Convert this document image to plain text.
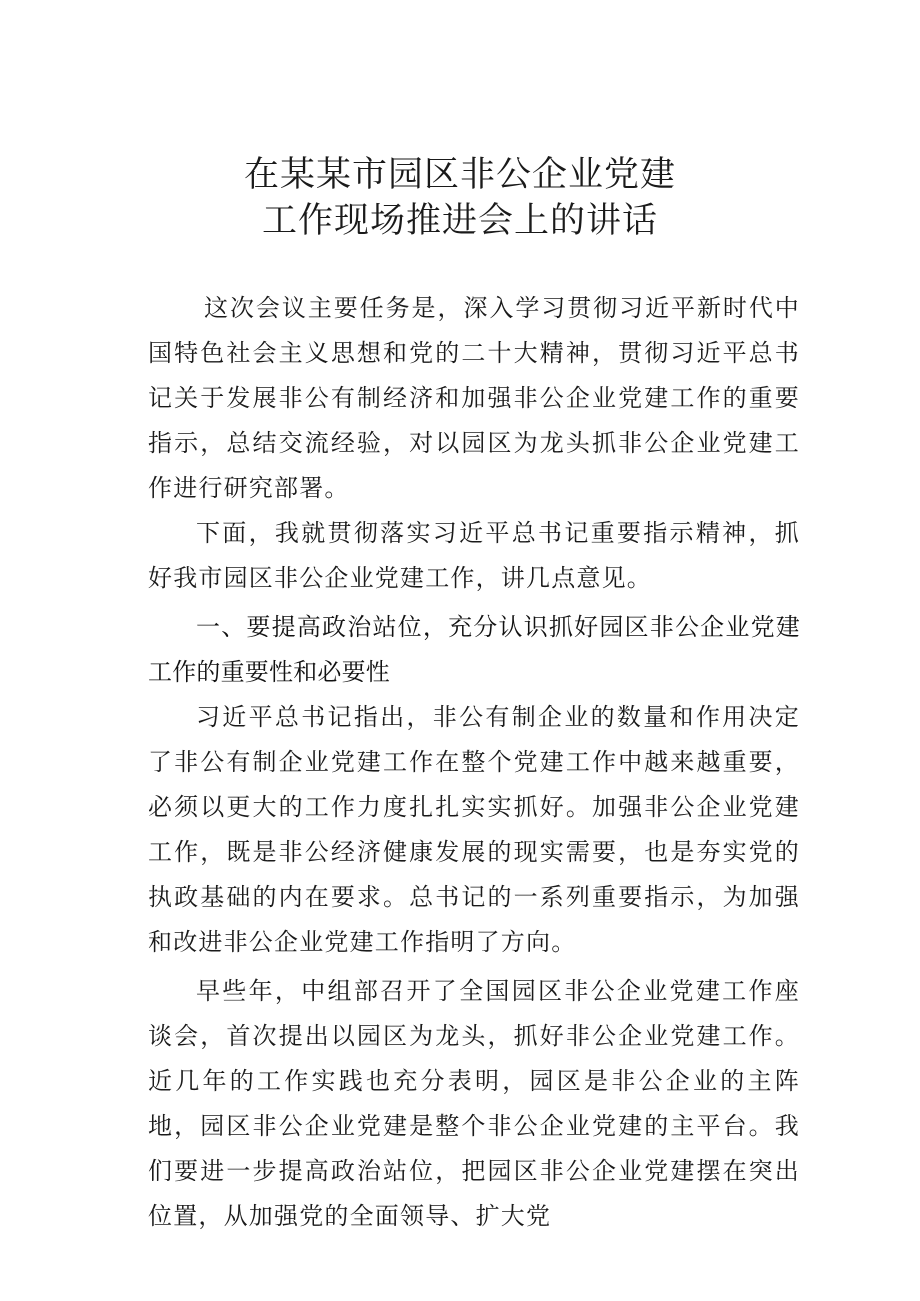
在某某市园区非公企业党建
工作现场推进会上的讲话

这次会议主要任务是，深入学习贯彻习近平新时代中国特色社会主义思想和党的二十大精神，贯彻习近平总书记关于发展非公有制经济和加强非公企业党建工作的重要指示，总结交流经验，对以园区为龙头抓非公企业党建工作进行研究部署。

下面，我就贯彻落实习近平总书记重要指示精神，抓好我市园区非公企业党建工作，讲几点意见。

一、要提高政治站位，充分认识抓好园区非公企业党建工作的重要性和必要性

习近平总书记指出，非公有制企业的数量和作用决定了非公有制企业党建工作在整个党建工作中越来越重要，必须以更大的工作力度扎扎实实抓好。加强非公企业党建工作，既是非公经济健康发展的现实需要，也是夯实党的执政基础的内在要求。总书记的一系列重要指示，为加强和改进非公企业党建工作指明了方向。

早些年，中组部召开了全国园区非公企业党建工作座谈会，首次提出以园区为龙头，抓好非公企业党建工作。近几年的工作实践也充分表明，园区是非公企业的主阵地，园区非公企业党建是整个非公企业党建的主平台。我们要进一步提高政治站位，把园区非公企业党建摆在突出位置，从加强党的全面领导、扩大党
